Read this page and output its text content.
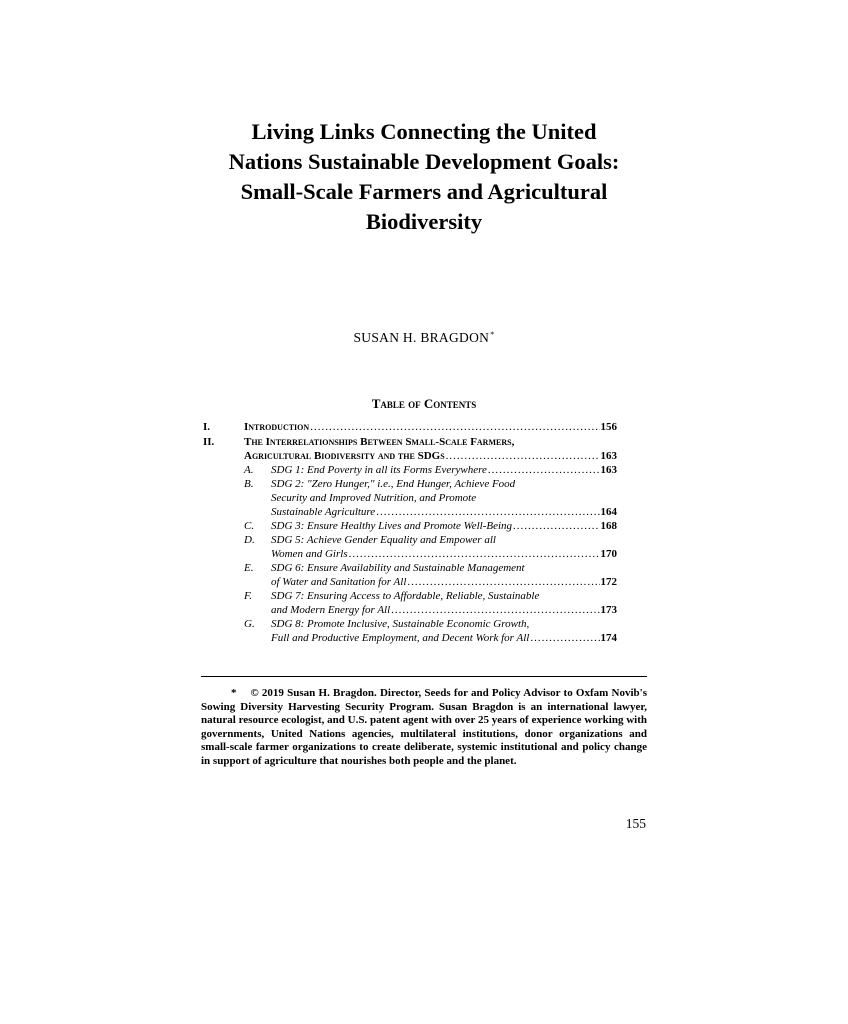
Living Links Connecting the United
Nations Sustainable Development Goals:
Small-Scale Farmers and Agricultural
Biodiversity
SUSAN H. BRAGDON*
Table of Contents
I.	Introduction .....	156
II.	The Interrelationships Between Small-Scale Farmers,
Agricultural Biodiversity and the SDGs .....	163
A. SDG 1: End Poverty in all its Forms Everywhere .....	163
B. SDG 2: "Zero Hunger," i.e., End Hunger, Achieve Food
Security and Improved Nutrition, and Promote
Sustainable Agriculture .....	164
C. SDG 3: Ensure Healthy Lives and Promote Well-Being .....	168
D. SDG 5: Achieve Gender Equality and Empower all
Women and Girls .....	170
E. SDG 6: Ensure Availability and Sustainable Management
of Water and Sanitation for All .....	172
F. SDG 7: Ensuring Access to Affordable, Reliable, Sustainable
and Modern Energy for All .....	173
G. SDG 8: Promote Inclusive, Sustainable Economic Growth,
Full and Productive Employment, and Decent Work for All .....	174
* © 2019 Susan H. Bragdon. Director, Seeds for and Policy Advisor to Oxfam Novib's Sowing Diversity Harvesting Security Program. Susan Bragdon is an international lawyer, natural resource ecologist, and U.S. patent agent with over 25 years of experience working with governments, United Nations agencies, multilateral institutions, donor organizations and small-scale farmer organizations to create deliberate, systemic institutional and policy change in support of agriculture that nourishes both people and the planet.
155
